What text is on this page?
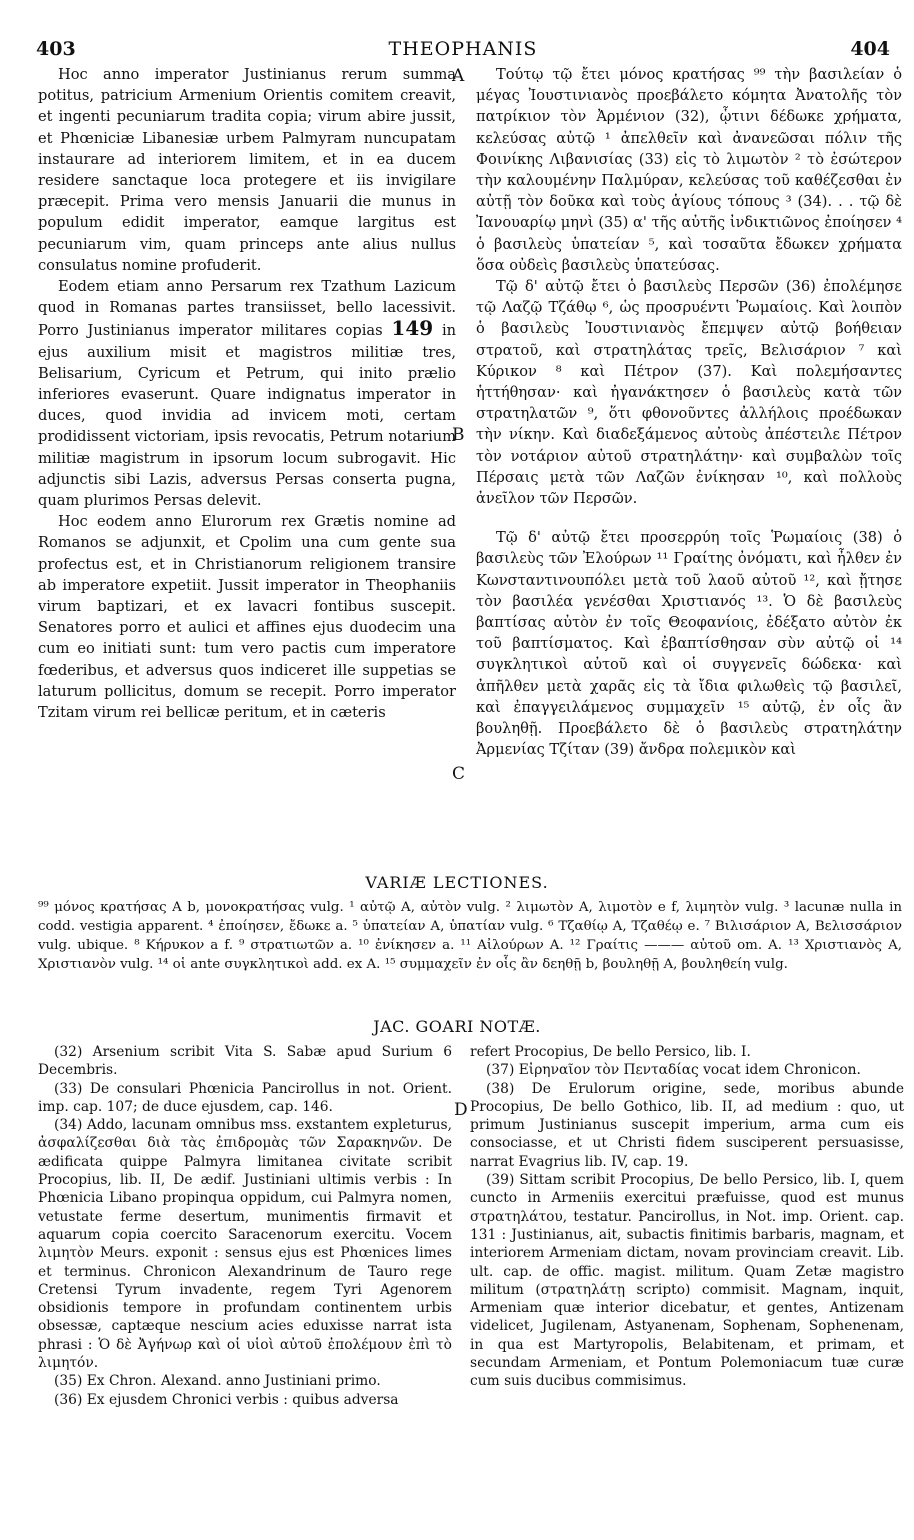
403	THEOPHANIS	404

Hoc anno imperator Justinianus rerum summa potitus, patricium Armenium Orientis comitem creavit, et ingenti pecuniarum tradita copia; virum abire jussit, et Phœniciæ Libanesiæ urbem Palmyram nuncupatam instaurare ad interiorem limitem, et in ea ducem residere sanctaque loca protegere et iis invigilare præcepit. Prima vero mensis Januarii die munus in populum edidit imperator, eamque largitus est pecuniarum vim, quam princeps ante alius nullus consulatus nomine profuderit.

Eodem etiam anno Persarum rex Tzathum Lazicum quod in Romanas partes transiisset, bello lacessivit. Porro Justinianus imperator militares copias 149 in ejus auxilium misit et magistros militiæ tres, Belisarium, Cyricum et Petrum, qui inito prælio inferiores evaserunt. Quare indignatus imperator in duces, quod invidia ad invicem moti, certam prodidissent victoriam, ipsis revocatis, Petrum notarium militiæ magistrum in ipsorum locum subrogavit. Hic adjunctis sibi Lazis, adversus Persas conserta pugna, quam plurimos Persas delevit.

Hoc eodem anno Elurorum rex Grætis nomine ad Romanos se adjunxit, et Cpolim una cum gente sua profectus est, et in Christianorum religionem transire ab imperatore expetiit. Jussit imperator in Theophaniis virum baptizari, et ex lavacri fontibus suscepit. Senatores porro et aulici et affines ejus duodecim una cum eo initiati sunt: tum vero pactis cum imperatore fœderibus, et adversus quos indiceret ille suppetias se laturum pollicitus, domum se recepit. Porro imperator Tzitam virum rei bellicæ peritum, et in cæteris

A
B
C
D

Τούτῳ τῷ ἔτει μόνος κρατήσας ⁹⁹ τὴν βασιλείαν ὁ μέγας Ἰουστινιανὸς προεβάλετο κόμητα Ἀνατολῆς τὸν πατρίκιον τὸν Ἀρμένιον (32), ᾧτινι δέδωκε χρήματα, κελεύσας αὐτῷ ¹ ἀπελθεῖν καὶ ἀνανεῶσαι πόλιν τῆς Φοινίκης Λιβανισίας (33) εἰς τὸ λιμωτὸν ² τὸ ἐσώτερον τὴν καλουμένην Παλμύραν, κελεύσας τοῦ καθέζεσθαι ἐν αὐτῇ τὸν δοῦκα καὶ τοὺς ἁγίους τόπους ³ (34). . . τῷ δὲ Ἰανουαρίῳ μηνὶ (35) α' τῆς αὐτῆς ἰνδικτιῶνος ἐποίησεν ⁴ ὁ βασιλεὺς ὑπατείαν ⁵, καὶ τοσαῦτα ἔδωκεν χρήματα ὅσα οὐδεὶς βασιλεὺς ὑπατεύσας.

Τῷ δ' αὐτῷ ἔτει ὁ βασιλεὺς Περσῶν (36) ἐπολέμησε τῷ Λαζῷ Τζάθῳ ⁶, ὡς προσρυέντι Ῥωμαίοις. Καὶ λοιπὸν ὁ βασιλεὺς Ἰουστινιανὸς ἔπεμψεν αὐτῷ βοήθειαν στρατοῦ, καὶ στρατηλάτας τρεῖς, Βελισάριον ⁷ καὶ Κύρικον ⁸ καὶ Πέτρον (37). Καὶ πολεμήσαντες ἡττήθησαν· καὶ ἠγανάκτησεν ὁ βασιλεὺς κατὰ τῶν στρατηλατῶν ⁹, ὅτι φθονοῦντες ἀλλήλοις προέδωκαν τὴν νίκην. Καὶ διαδεξάμενος αὐτοὺς ἀπέστειλε Πέτρον τὸν νοτάριον αὐτοῦ στρατηλάτην· καὶ συμβαλὼν τοῖς Πέρσαις μετὰ τῶν Λαζῶν ἐνίκησαν ¹⁰, καὶ πολλοὺς ἀνεῖλον τῶν Περσῶν.

Τῷ δ' αὐτῷ ἔτει προσερρύη τοῖς Ῥωμαίοις (38) ὁ βασιλεὺς τῶν Ἐλούρων ¹¹ Γραίτης ὀνόματι, καὶ ἦλθεν ἐν Κωνσταντινουπόλει μετὰ τοῦ λαοῦ αὐτοῦ ¹², καὶ ᾔτησε τὸν βασιλέα γενέσθαι Χριστιανός ¹³. Ὁ δὲ βασιλεὺς βαπτίσας αὐτὸν ἐν τοῖς Θεοφανίοις, ἐδέξατο αὐτὸν ἐκ τοῦ βαπτίσματος. Καὶ ἐβαπτίσθησαν σὺν αὐτῷ οἱ ¹⁴ συγκλητικοὶ αὐτοῦ καὶ οἱ συγγενεῖς δώδεκα· καὶ ἀπῆλθεν μετὰ χαρᾶς εἰς τὰ ἴδια φιλωθεὶς τῷ βασιλεῖ, καὶ ἐπαγγειλάμενος συμμαχεῖν ¹⁵ αὐτῷ, ἐν οἷς ἂν βουληθῇ. Προεβάλετο δὲ ὁ βασιλεὺς στρατηλάτην Ἀρμενίας Τζίταν (39) ἄνδρα πολεμικὸν καὶ

VARIÆ LECTIONES.
⁹⁹ μόνος κρατήσας A b, μονοκρατήσας vulg. ¹ αὐτῷ A, αὐτὸν vulg. ² λιμωτὸν A, λιμοτὸν e f, λιμητὸν vulg. ³ lacunæ nulla in codd. vestigia apparent. ⁴ ἐποίησεν, ἔδωκε a. ⁵ ὑπατείαν A, ὑπατίαν vulg. ⁶ Τζαθίῳ A, Τζαθέῳ e. ⁷ Βιλισάριον A, Βελισσάριον vulg. ubique. ⁸ Κήρυκον a f. ⁹ στρατιωτῶν a. ¹⁰ ἐνίκησεν a. ¹¹ Αἰλούρων A. ¹² Γραίτις ——— αὐτοῦ om. A. ¹³ Χριστιανὸς A, Χριστιανὸν vulg. ¹⁴ οἱ ante συγκλητικοὶ add. ex A. ¹⁵ συμμαχεῖν ἐν οἷς ἂν δεηθῇ b, βουληθῇ A, βουληθείη vulg.
JAC. GOARI NOTÆ.

(32) Arsenium scribit Vita S. Sabæ apud Surium 6 Decembris.

(33) De consulari Phœnicia Pancirollus in not. Orient. imp. cap. 107; de duce ejusdem, cap. 146.

(34) Addo, lacunam omnibus mss. exstantem expleturus, ἀσφαλίζεσθαι διὰ τὰς ἐπιδρομὰς τῶν Σαρακηνῶν. De ædificata quippe Palmyra limitanea civitate scribit Procopius, lib. II, De ædif. Justiniani ultimis verbis : In Phœnicia Libano propinqua oppidum, cui Palmyra nomen, vetustate ferme desertum, munimentis firmavit et aquarum copia coercito Saracenorum exercitu. Vocem λιμητὸν Meurs. exponit : sensus ejus est Phœnices limes et terminus. Chronicon Alexandrinum de Tauro rege Cretensi Tyrum invadente, regem Tyri Agenorem obsidionis tempore in profundam continentem urbis obsessæ, captæque nescium acies eduxisse narrat ista phrasi : Ὁ δὲ Ἀγήνωρ καὶ οἱ υἱοὶ αὐτοῦ ἐπολέμουν ἐπὶ τὸ λιμητόν.

(35) Ex Chron. Alexand. anno Justiniani primo.

(36) Ex ejusdem Chronici verbis : quibus adversa

refert Procopius, De bello Persico, lib. I.

(37) Εἰρηναῖον τὸν Πενταδίας vocat idem Chronicon.

(38) De Erulorum origine, sede, moribus abunde Procopius, De bello Gothico, lib. II, ad medium : quo, ut primum Justinianus suscepit imperium, arma cum eis consociasse, et ut Christi fidem susciperent persuasisse, narrat Evagrius lib. IV, cap. 19.

(39) Sittam scribit Procopius, De bello Persico, lib. I, quem cuncto in Armeniis exercitui præfuisse, quod est munus στρατηλάτου, testatur. Pancirollus, in Not. imp. Orient. cap. 131 : Justinianus, ait, subactis finitimis barbaris, magnam, et interiorem Armeniam dictam, novam provinciam creavit. Lib. ult. cap. de offic. magist. militum. Quam Zetæ magistro militum (στρατηλάτῃ scripto) commisit. Magnam, inquit, Armeniam quæ interior dicebatur, et gentes, Antizenam videlicet, Jugilenam, Astyanenam, Sophenam, Sophenenam, in qua est Martyropolis, Belabitenam, et primam, et secundam Armeniam, et Pontum Polemoniacum tuæ curæ cum suis ducibus commisimus.
